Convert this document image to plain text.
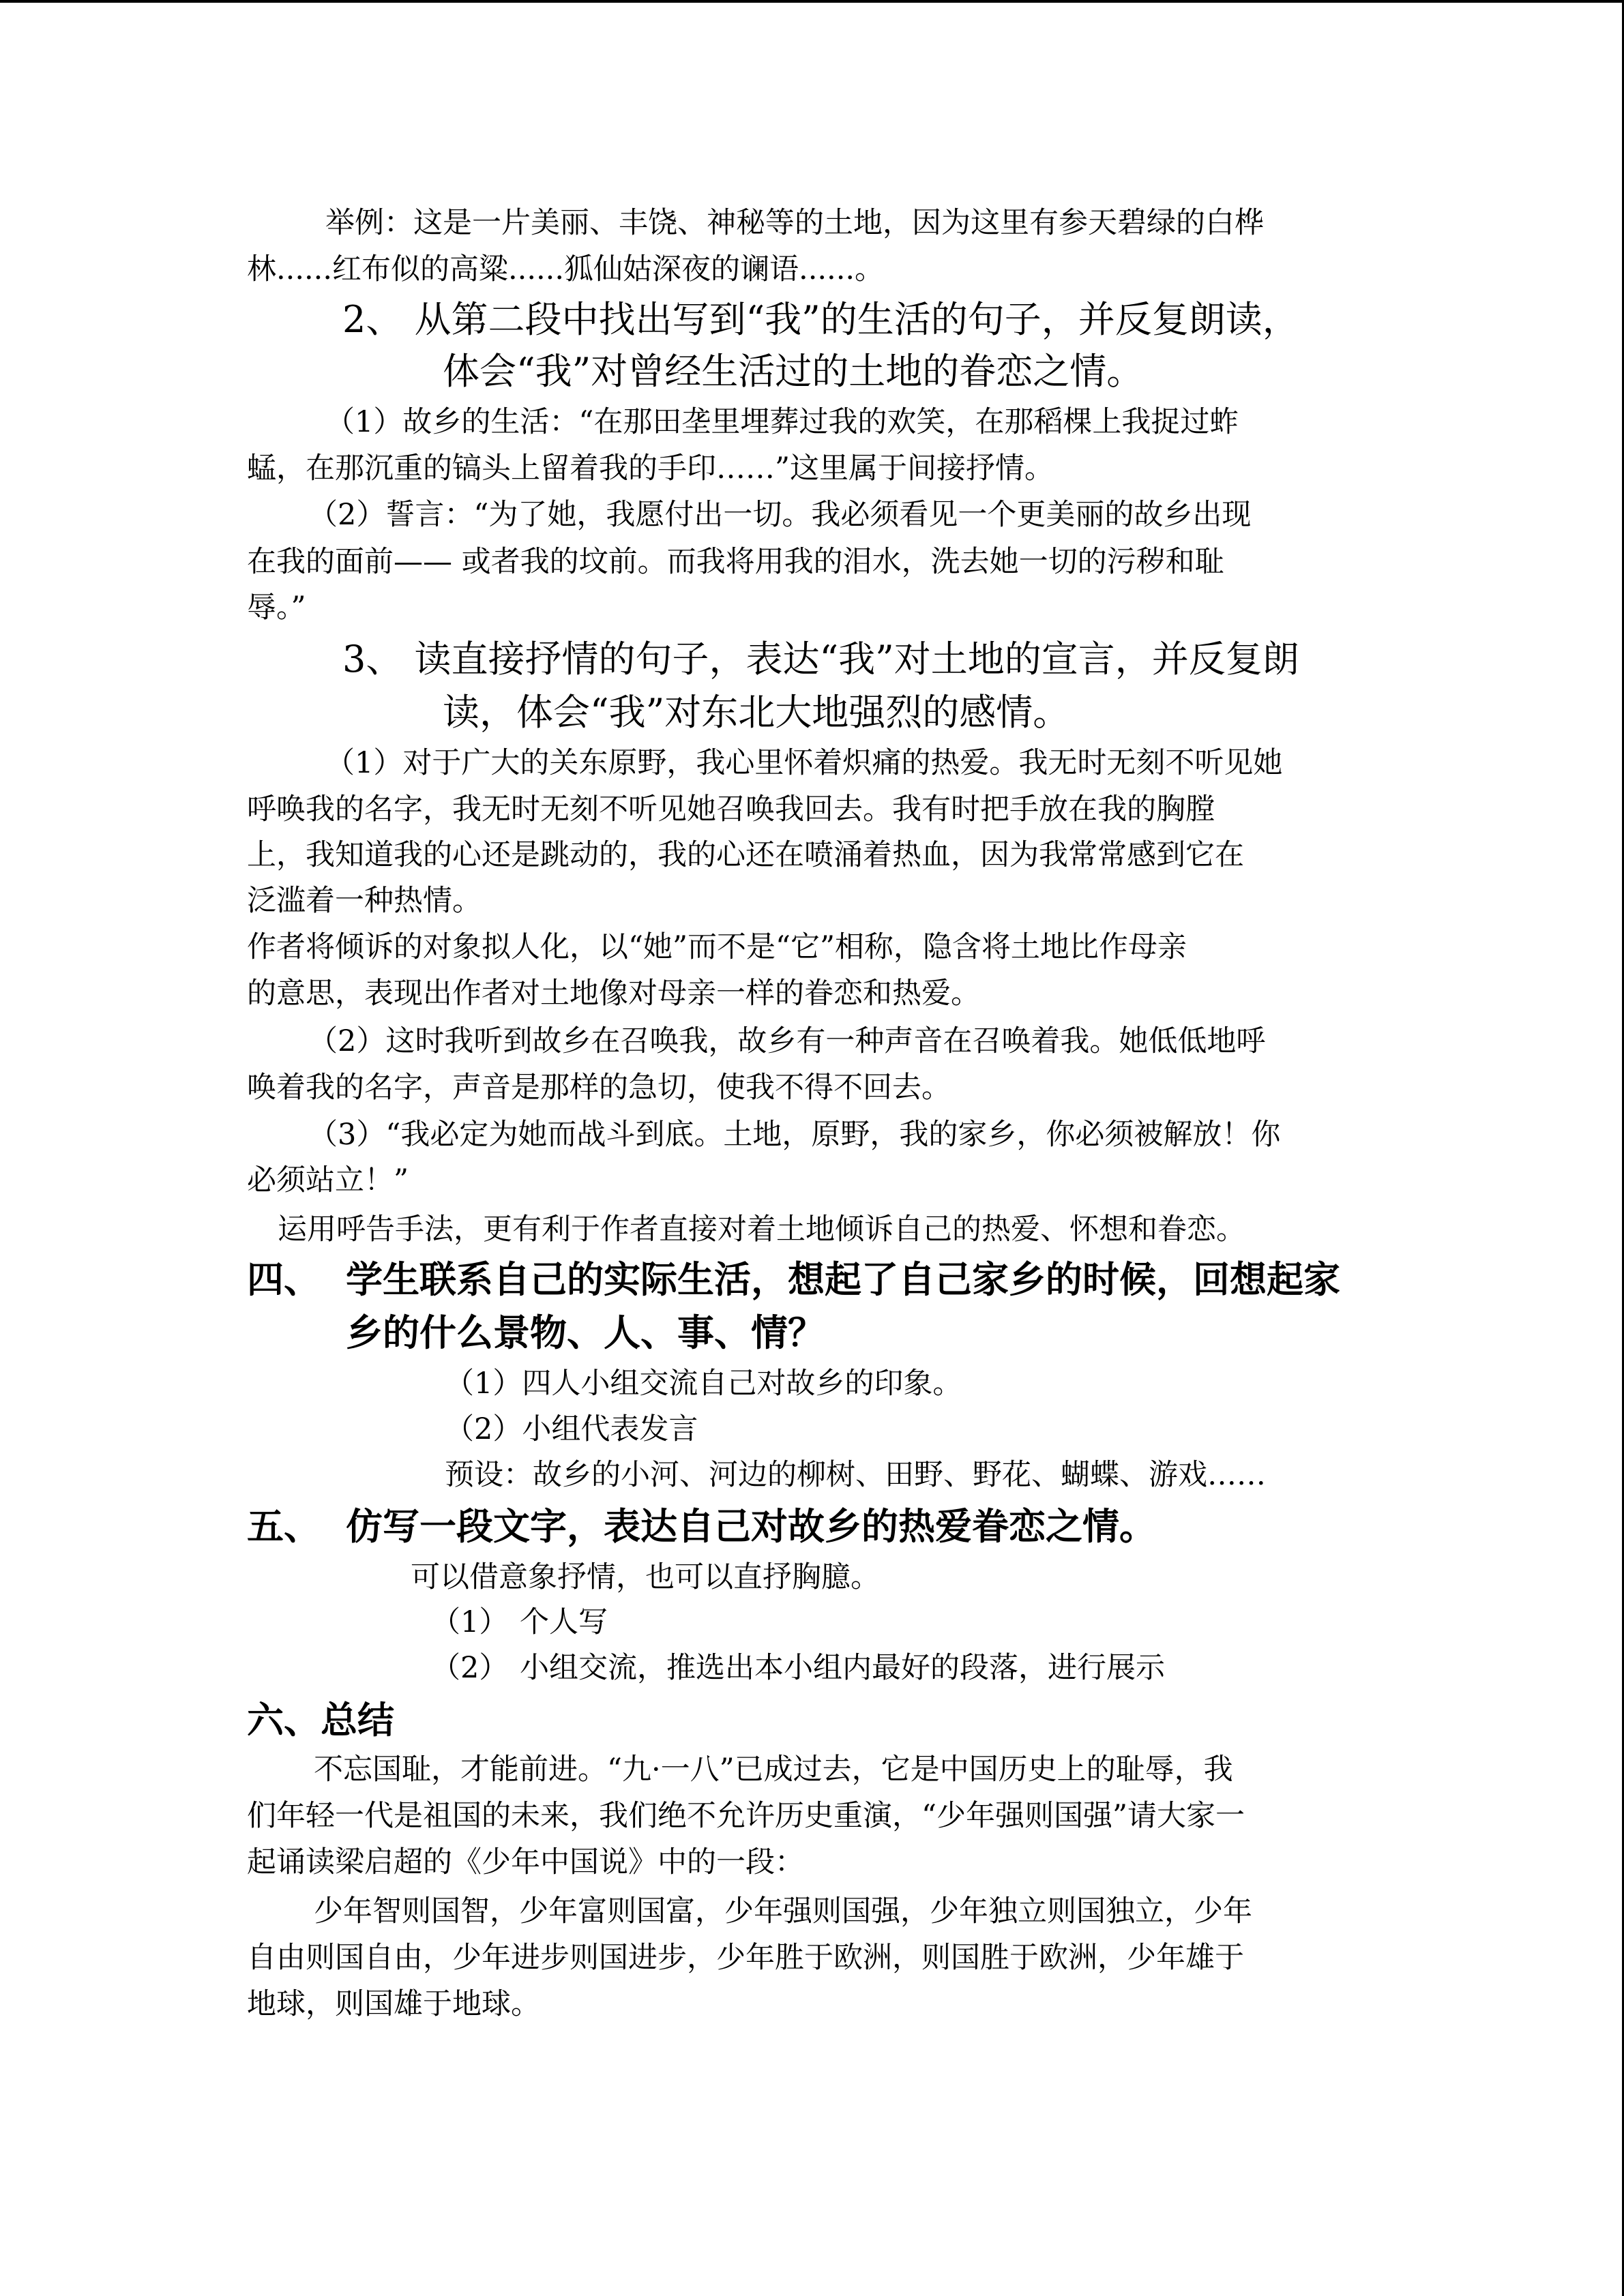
举例：这是一片美丽、丰饶、神秘等的土地，因为这里有参天碧绿的白桦
林......红布似的高粱......狐仙姑深夜的谰语......。
2、 从第二段中找出写到“我”的生活的句子，并反复朗读，
体会“我”对曾经生活过的土地的眷恋之情。
（1）故乡的生活：“在那田垄里埋葬过我的欢笑，在那稻棵上我捉过蚱
蜢，在那沉重的镐头上留着我的手印……”这里属于间接抒情。
（2）誓言：“为了她，我愿付出一切。我必须看见一个更美丽的故乡出现
在我的面前—— 或者我的坟前。而我将用我的泪水，洗去她一切的污秽和耻
辱。”
3、 读直接抒情的句子，表达“我”对土地的宣言，并反复朗
读，体会“我”对东北大地强烈的感情。
（1）对于广大的关东原野，我心里怀着炽痛的热爱。我无时无刻不听见她
呼唤我的名字，我无时无刻不听见她召唤我回去。我有时把手放在我的胸膛
上，我知道我的心还是跳动的，我的心还在喷涌着热血，因为我常常感到它在
泛滥着一种热情。
作者将倾诉的对象拟人化，以“她”而不是“它”相称，隐含将土地比作母亲
的意思，表现出作者对土地像对母亲一样的眷恋和热爱。
（2）这时我听到故乡在召唤我，故乡有一种声音在召唤着我。她低低地呼
唤着我的名字，声音是那样的急切，使我不得不回去。
（3）“我必定为她而战斗到底。土地，原野，我的家乡，你必须被解放！你
必须站立！”
运用呼告手法，更有利于作者直接对着土地倾诉自己的热爱、怀想和眷恋。
四、 学生联系自己的实际生活，想起了自己家乡的时候，回想起家
乡的什么景物、人、事、情？
（1）四人小组交流自己对故乡的印象。
（2）小组代表发言
预设：故乡的小河、河边的柳树、田野、野花、蝴蝶、游戏……
五、 仿写一段文字，表达自己对故乡的热爱眷恋之情。
可以借意象抒情，也可以直抒胸臆。
（1） 个人写
（2） 小组交流，推选出本小组内最好的段落，进行展示
六、总结
不忘国耻，才能前进。“九·一八”已成过去，它是中国历史上的耻辱，我
们年轻一代是祖国的未来，我们绝不允许历史重演，“少年强则国强”请大家一
起诵读梁启超的《少年中国说》中的一段：
少年智则国智，少年富则国富，少年强则国强，少年独立则国独立，少年
自由则国自由，少年进步则国进步，少年胜于欧洲，则国胜于欧洲，少年雄于
地球，则国雄于地球。
